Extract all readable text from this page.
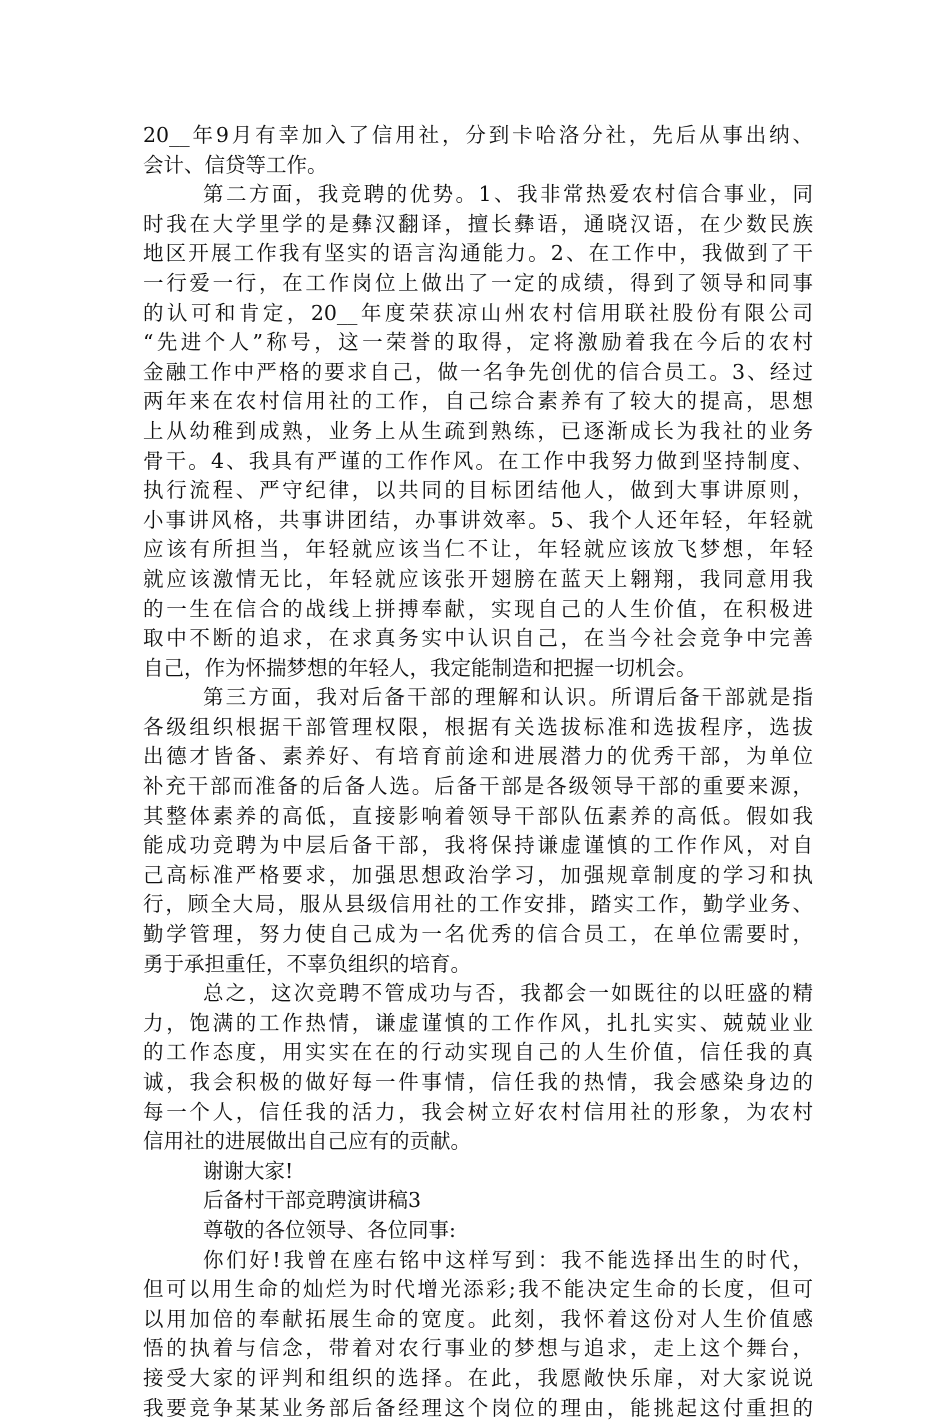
20__年9月有幸加入了信用社，分到卡哈洛分社，先后从事出纳、
会计、信贷等工作。
第二方面，我竞聘的优势。1、我非常热爱农村信合事业，同
时我在大学里学的是彝汉翻译，擅长彝语，通晓汉语，在少数民族
地区开展工作我有坚实的语言沟通能力。2、在工作中，我做到了干
一行爱一行，在工作岗位上做出了一定的成绩，得到了领导和同事
的认可和肯定，20__年度荣获凉山州农村信用联社股份有限公司
“先进个人”称号，这一荣誉的取得，定将激励着我在今后的农村
金融工作中严格的要求自己，做一名争先创优的信合员工。3、经过
两年来在农村信用社的工作，自己综合素养有了较大的提高，思想
上从幼稚到成熟，业务上从生疏到熟练，已逐渐成长为我社的业务
骨干。4、我具有严谨的工作作风。在工作中我努力做到坚持制度、
执行流程、严守纪律，以共同的目标团结他人，做到大事讲原则，
小事讲风格，共事讲团结，办事讲效率。5、我个人还年轻，年轻就
应该有所担当，年轻就应该当仁不让，年轻就应该放飞梦想，年轻
就应该激情无比，年轻就应该张开翅膀在蓝天上翱翔，我同意用我
的一生在信合的战线上拼搏奉献，实现自己的人生价值，在积极进
取中不断的追求，在求真务实中认识自己，在当今社会竞争中完善
自己，作为怀揣梦想的年轻人，我定能制造和把握一切机会。
第三方面，我对后备干部的理解和认识。所谓后备干部就是指
各级组织根据干部管理权限，根据有关选拔标准和选拔程序，选拔
出德才皆备、素养好、有培育前途和进展潜力的优秀干部，为单位
补充干部而准备的后备人选。后备干部是各级领导干部的重要来源，
其整体素养的高低，直接影响着领导干部队伍素养的高低。假如我
能成功竞聘为中层后备干部，我将保持谦虚谨慎的工作作风，对自
己高标准严格要求，加强思想政治学习，加强规章制度的学习和执
行，顾全大局，服从县级信用社的工作安排，踏实工作，勤学业务、
勤学管理，努力使自己成为一名优秀的信合员工，在单位需要时，
勇于承担重任，不辜负组织的培育。
总之，这次竞聘不管成功与否，我都会一如既往的以旺盛的精
力，饱满的工作热情，谦虚谨慎的工作作风，扎扎实实、兢兢业业
的工作态度，用实实在在的行动实现自己的人生价值，信任我的真
诚，我会积极的做好每一件事情，信任我的热情，我会感染身边的
每一个人，信任我的活力，我会树立好农村信用社的形象，为农村
信用社的进展做出自己应有的贡献。
谢谢大家!
后备村干部竞聘演讲稿3
尊敬的各位领导、各位同事:
你们好!我曾在座右铭中这样写到：我不能选择出生的时代，
但可以用生命的灿烂为时代增光添彩;我不能决定生命的长度，但可
以用加倍的奉献拓展生命的宽度。此刻，我怀着这份对人生价值感
悟的执着与信念，带着对农行事业的梦想与追求，走上这个舞台，
接受大家的评判和组织的选择。在此，我愿敞快乐扉，对大家说说
我要竞争某某业务部后备经理这个岗位的理由，能挑起这付重担的
